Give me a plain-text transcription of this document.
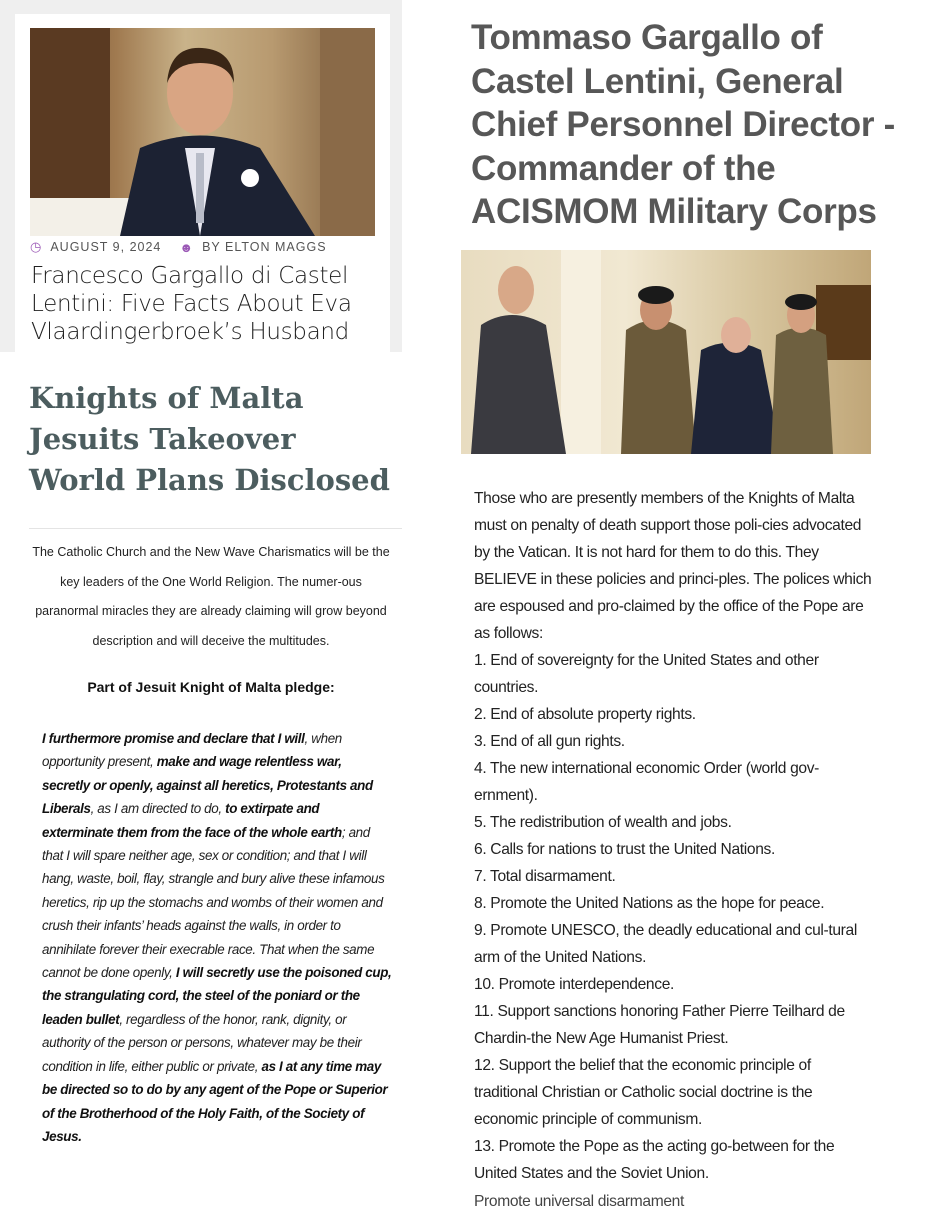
◷ AUGUST 9, 2024 ☻ BY ELTON MAGGS
Francesco Gargallo di Castel Lentini: Five Facts About Eva Vlaardingerbroek’s Husband
Knights of Malta Jesuits Takeover World Plans Disclosed
The Catholic Church and the New Wave Charismatics will be the key leaders of the One World Religion. The numer-ous paranormal miracles they are already claiming will grow beyond description and will deceive the multitudes.
Part of Jesuit Knight of Malta pledge:
I furthermore promise and declare that I will, when opportunity present, make and wage relentless war, secretly or openly, against all heretics, Protestants and Liberals, as I am directed to do, to extirpate and exterminate them from the face of the whole earth; and that I will spare neither age, sex or condition; and that I will hang, waste, boil, flay, strangle and bury alive these infamous heretics, rip up the stomachs and wombs of their women and crush their infants’ heads against the walls, in order to annihilate forever their execrable race. That when the same cannot be done openly, I will secretly use the poisoned cup, the strangulating cord, the steel of the poniard or the leaden bullet, regardless of the honor, rank, dignity, or authority of the person or persons, whatever may be their condition in life, either public or private, as I at any time may be directed so to do by any agent of the Pope or Superior of the Brotherhood of the Holy Faith, of the Society of Jesus.
Tommaso Gargallo of Castel Lentini, General Chief Personnel Director - Commander of the ACISMOM Military Corps
Those who are presently members of the Knights of Malta must on penalty of death support those poli-cies advocated by the Vatican. It is not hard for them to do this. They BELIEVE in these policies and princi-ples. The polices which are espoused and pro-claimed by the office of the Pope are as follows:
1. End of sovereignty for the United States and other countries.
2. End of absolute property rights.
3. End of all gun rights.
4. The new international economic Order (world gov-ernment).
5. The redistribution of wealth and jobs.
6. Calls for nations to trust the United Nations.
7. Total disarmament.
8. Promote the United Nations as the hope for peace.
9. Promote UNESCO, the deadly educational and cul-tural arm of the United Nations.
10. Promote interdependence.
11. Support sanctions honoring Father Pierre Teilhard de Chardin-the New Age Humanist Priest.
12. Support the belief that the economic principle of traditional Christian or Catholic social doctrine is the economic principle of communism.
13. Promote the Pope as the acting go-between for the United States and the Soviet Union.
Promote universal disarmament
